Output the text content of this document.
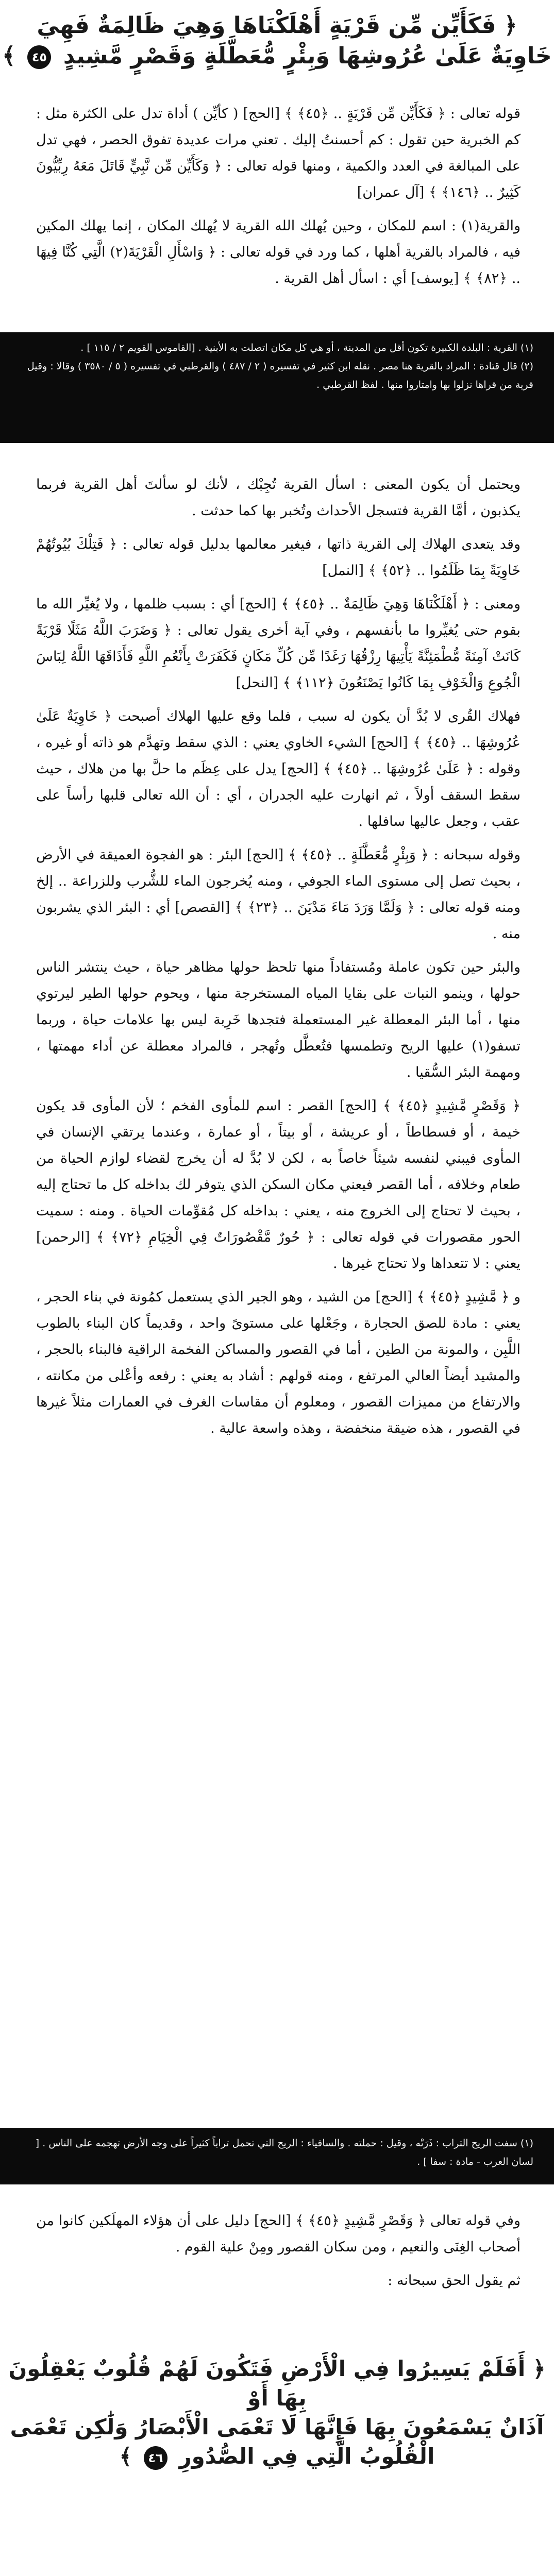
﴿ فَكَأَيِّن مِّن قَرْيَةٍ أَهْلَكْنَاهَا وَهِيَ ظَالِمَةٌ فَهِيَ
خَاوِيَةٌ عَلَىٰ عُرُوشِهَا وَبِئْرٍ مُّعَطَّلَةٍ وَقَصْرٍ مَّشِيدٍ ٤٥ ﴾

قوله تعالى : ﴿ فَكَأَيِّن مِّن قَرْيَةٍ .. ﴿٤٥﴾ ﴾ [الحج] ( كأيِّن ) أداة تدل على الكثرة مثل : كم الخبرية حين تقول : كم أحسنتُ إليك . تعني مرات عديدة تفوق الحصر ، فهي تدل على المبالغة في العدد والكمية ، ومنها قوله تعالى : ﴿ وَكَأَيِّن مِّن نَّبِيٍّ قَاتَلَ مَعَهُ رِبِّيُّونَ كَثِيرٌ .. ﴿١٤٦﴾ ﴾ [آل عمران]

والقرية(١) : اسم للمكان ، وحين يُهلك الله القرية لا يُهلك المكان ، إنما يهلك المكين فيه ، فالمراد بالقرية أهلها ، كما ورد في قوله تعالى : ﴿ وَاسْأَلِ الْقَرْيَةَ(٢) الَّتِي كُنَّا فِيهَا .. ﴿٨٢﴾ ﴾ [يوسف] أي : اسأل أهل القرية .

(١) القرية : البلدة الكبيرة تكون أقل من المدينة ، أو هي كل مكان اتصلت به الأبنية . [القاموس القويم ٢ / ١١٥ ] .

(٢) قال قتادة : المراد بالقرية هنا مصر . نقله ابن كثير في تفسيره ( ٢ / ٤٨٧ ) والقرطبي في تفسيره ( ٥ / ٣٥٨٠ ) وقالا : وقيل قرية من قراها نزلوا بها وامتاروا منها . لفظ القرطبي .

ويحتمل أن يكون المعنى : اسأل القرية تُجِبْك ، لأنك لو سألتَ أهل القرية فربما يكذبون ، أمَّا القرية فتسجل الأحداث وتُخبر بها كما حدثت .

وقد يتعدى الهلاك إلى القرية ذاتها ، فيغير معالمها بدليل قوله تعالى : ﴿ فَتِلْكَ بُيُوتُهُمْ خَاوِيَةً بِمَا ظَلَمُوا .. ﴿٥٢﴾ ﴾ [النمل]

ومعنى : ﴿ أَهْلَكْنَاهَا وَهِيَ ظَالِمَةٌ .. ﴿٤٥﴾ ﴾ [الحج] أي : بسبب ظلمها ، ولا يُغيِّر الله ما بقوم حتى يُغيِّروا ما بأنفسهم ، وفي آية أخرى يقول تعالى : ﴿ وَضَرَبَ اللَّهُ مَثَلًا قَرْيَةً كَانَتْ آمِنَةً مُّطْمَئِنَّةً يَأْتِيهَا رِزْقُهَا رَغَدًا مِّن كُلِّ مَكَانٍ فَكَفَرَتْ بِأَنْعُمِ اللَّهِ فَأَذَاقَهَا اللَّهُ لِبَاسَ الْجُوعِ وَالْخَوْفِ بِمَا كَانُوا يَصْنَعُونَ ﴿١١٢﴾ ﴾ [النحل]

فهلاك القُرى لا بُدَّ أن يكون له سبب ، فلما وقع عليها الهلاك أصبحت ﴿ خَاوِيَةٌ عَلَىٰ عُرُوشِهَا .. ﴿٤٥﴾ ﴾ [الحج] الشيء الخاوي يعني : الذي سقط وتهدَّم هو ذاته أو غيره ، وقوله : ﴿ عَلَىٰ عُرُوشِهَا .. ﴿٤٥﴾ ﴾ [الحج] يدل على عِظَم ما حلَّ بها من هلاك ، حيث سقط السقف أولاً ، ثم انهارت عليه الجدران ، أي : أن الله تعالى قلبها رأساً على عقب ، وجعل عاليها سافلها .

وقوله سبحانه : ﴿ وَبِئْرٍ مُّعَطَّلَةٍ .. ﴿٤٥﴾ ﴾ [الحج] البئر : هو الفجوة العميقة في الأرض ، بحيث تصل إلى مستوى الماء الجوفي ، ومنه يُخرجون الماء للشُّرب وللزراعة .. إلخ ومنه قوله تعالى : ﴿ وَلَمَّا وَرَدَ مَاءَ مَدْيَنَ .. ﴿٢٣﴾ ﴾ [القصص] أي : البئر الذي يشربون منه .

والبئر حين تكون عاملة ومُستفاداً منها تلحظ حولها مظاهر حياة ، حيث ينتشر الناس حولها ، وينمو النبات على بقايا المياه المستخرجة منها ، ويحوم حولها الطير ليرتوي منها ، أما البئر المعطلة غير المستعملة فتجدها خَرِبة ليس بها علامات حياة ، وربما تسفو(١) عليها الريح وتطمسها فتُعطَّل وتُهجر ، فالمراد معطلة عن أداء مهمتها ، ومهمة البئر السُّقيا .

﴿ وَقَصْرٍ مَّشِيدٍ ﴿٤٥﴾ ﴾ [الحج] القصر : اسم للمأوى الفخم ؛ لأن المأوى قد يكون خيمة ، أو فسطاطاً ، أو عريشة ، أو بيتاً ، أو عمارة ، وعندما يرتقي الإنسان في المأوى فيبني لنفسه شيئاً خاصاً به ، لكن لا بُدَّ له أن يخرج لقضاء لوازم الحياة من طعام وخلافه ، أما القصر فيعني مكان السكن الذي يتوفر لك بداخله كل ما تحتاج إليه ، بحيث لا تحتاج إلى الخروج منه ، يعني : بداخله كل مُقوِّمات الحياة . ومنه : سميت الحور مقصورات في قوله تعالى : ﴿ حُورٌ مَّقْصُورَاتٌ فِي الْخِيَامِ ﴿٧٢﴾ ﴾ [الرحمن] يعني : لا تتعداها ولا تحتاج غيرها .

و ﴿ مَّشِيدٍ ﴿٤٥﴾ ﴾ [الحج] من الشيد ، وهو الجير الذي يستعمل كمُونة في بناء الحجر ، يعني : مادة للصق الحجارة ، وجَعْلها على مستوىً واحد ، وقديماً كان البناء بالطوب اللَّبِن ، والمونة من الطين ، أما في القصور والمساكن الفخمة الراقية فالبناء بالحجر ، والمشيد أيضاً العالي المرتفع ، ومنه قولهم : أشاد به يعني : رفعه وأعْلى من مكانته ، والارتفاع من مميزات القصور ، ومعلوم أن مقاسات الغرف في العمارات مثلاً غيرها في القصور ، هذه ضيقة منخفضة ، وهذه واسعة عالية .

(١) سفت الريح التراب : ذَرَتْه ، وقيل : حملته . والسافياء : الريح التي تحمل تراباً كثيراً على وجه الأرض تهجمه على الناس . [ لسان العرب - مادة : سفا ] .

وفي قوله تعالى ﴿ وَقَصْرٍ مَّشِيدٍ ﴿٤٥﴾ ﴾ [الحج] دليل على أن هؤلاء المهلَكين كانوا من أصحاب الغِنَى والنعيم ، ومن سكان القصور ومِنْ علية القوم .

ثم يقول الحق سبحانه :

﴿ أَفَلَمْ يَسِيرُوا فِي الْأَرْضِ فَتَكُونَ لَهُمْ قُلُوبٌ يَعْقِلُونَ بِهَا أَوْ
آذَانٌ يَسْمَعُونَ بِهَا فَإِنَّهَا لَا تَعْمَى الْأَبْصَارُ وَلَٰكِن تَعْمَى
الْقُلُوبُ الَّتِي فِي الصُّدُورِ ٤٦ ﴾
